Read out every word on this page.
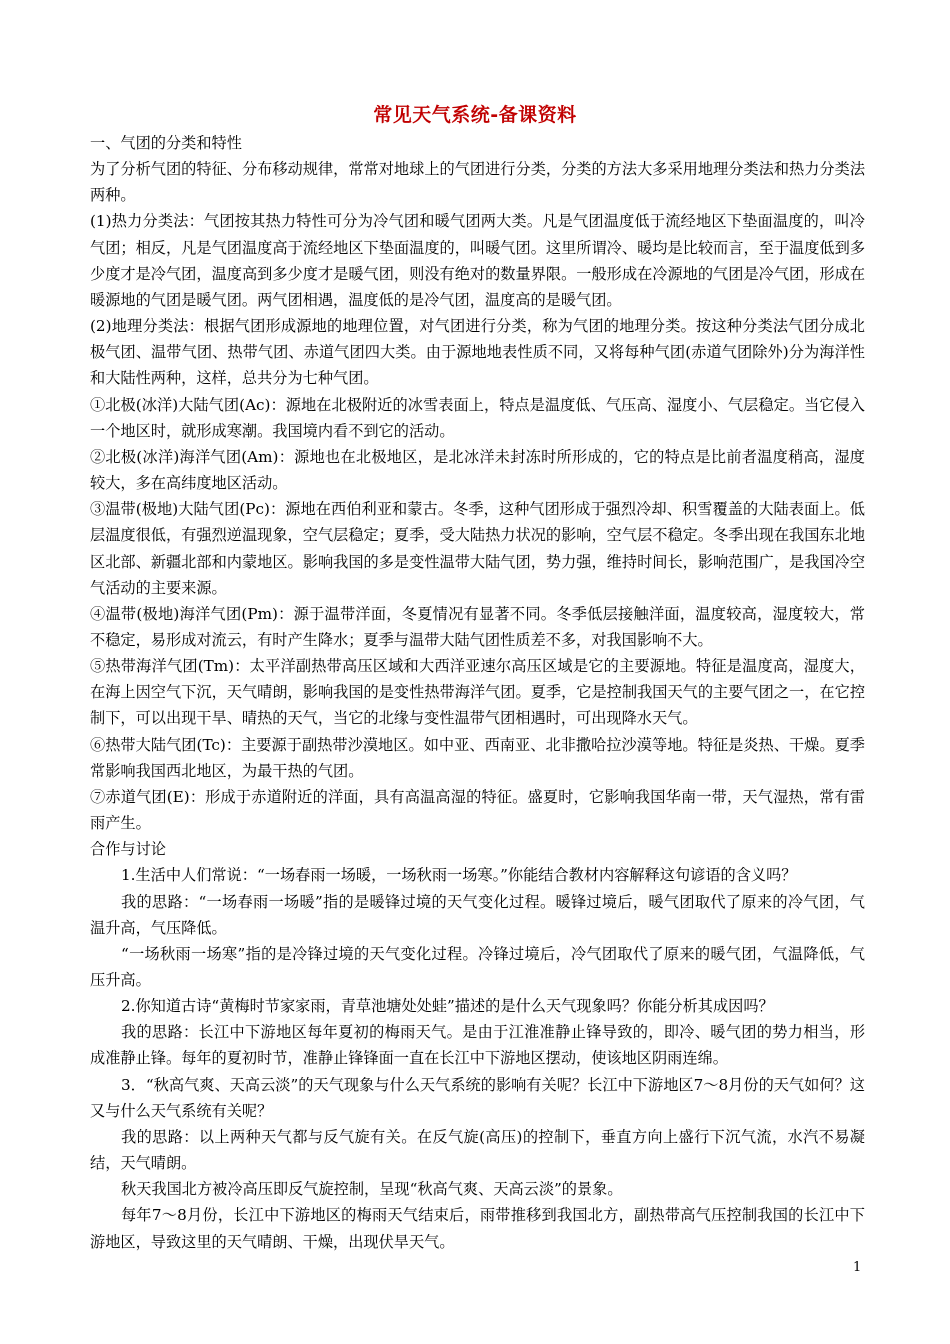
常见天气系统-备课资料

一、气团的分类和特性

为了分析气团的特征、分布移动规律，常常对地球上的气团进行分类，分类的方法大多采用地理分类法和热力分类法两种。

(1)热力分类法：气团按其热力特性可分为冷气团和暖气团两大类。凡是气团温度低于流经地区下垫面温度的，叫冷气团；相反，凡是气团温度高于流经地区下垫面温度的，叫暖气团。这里所谓冷、暖均是比较而言，至于温度低到多少度才是冷气团，温度高到多少度才是暖气团，则没有绝对的数量界限。一般形成在冷源地的气团是冷气团，形成在暖源地的气团是暖气团。两气团相遇，温度低的是冷气团，温度高的是暖气团。

(2)地理分类法：根据气团形成源地的地理位置，对气团进行分类，称为气团的地理分类。按这种分类法气团分成北极气团、温带气团、热带气团、赤道气团四大类。由于源地地表性质不同，又将每种气团(赤道气团除外)分为海洋性和大陆性两种，这样，总共分为七种气团。

①北极(冰洋)大陆气团(Ac)：源地在北极附近的冰雪表面上，特点是温度低、气压高、湿度小、气层稳定。当它侵入一个地区时，就形成寒潮。我国境内看不到它的活动。

②北极(冰洋)海洋气团(Am)：源地也在北极地区，是北冰洋未封冻时所形成的，它的特点是比前者温度稍高，湿度较大，多在高纬度地区活动。

③温带(极地)大陆气团(Pc)：源地在西伯利亚和蒙古。冬季，这种气团形成于强烈冷却、积雪覆盖的大陆表面上。低层温度很低，有强烈逆温现象，空气层稳定；夏季，受大陆热力状况的影响，空气层不稳定。冬季出现在我国东北地区北部、新疆北部和内蒙地区。影响我国的多是变性温带大陆气团，势力强，维持时间长，影响范围广，是我国冷空气活动的主要来源。

④温带(极地)海洋气团(Pm)：源于温带洋面，冬夏情况有显著不同。冬季低层接触洋面，温度较高，湿度较大，常不稳定，易形成对流云，有时产生降水；夏季与温带大陆气团性质差不多，对我国影响不大。

⑤热带海洋气团(Tm)：太平洋副热带高压区域和大西洋亚速尔高压区域是它的主要源地。特征是温度高，湿度大，在海上因空气下沉，天气晴朗，影响我国的是变性热带海洋气团。夏季，它是控制我国天气的主要气团之一，在它控制下，可以出现干旱、晴热的天气，当它的北缘与变性温带气团相遇时，可出现降水天气。

⑥热带大陆气团(Tc)：主要源于副热带沙漠地区。如中亚、西南亚、北非撒哈拉沙漠等地。特征是炎热、干燥。夏季常影响我国西北地区，为最干热的气团。

⑦赤道气团(E)：形成于赤道附近的洋面，具有高温高湿的特征。盛夏时，它影响我国华南一带，天气湿热，常有雷雨产生。

合作与讨论

1.生活中人们常说：“一场春雨一场暖，一场秋雨一场寒。”你能结合教材内容解释这句谚语的含义吗？

我的思路：“一场春雨一场暖”指的是暖锋过境的天气变化过程。暖锋过境后，暖气团取代了原来的冷气团，气温升高，气压降低。

“一场秋雨一场寒”指的是冷锋过境的天气变化过程。冷锋过境后，冷气团取代了原来的暖气团，气温降低，气压升高。

2.你知道古诗“黄梅时节家家雨，青草池塘处处蛙”描述的是什么天气现象吗？你能分析其成因吗？

我的思路：长江中下游地区每年夏初的梅雨天气。是由于江淮准静止锋导致的，即冷、暖气团的势力相当，形成准静止锋。每年的夏初时节，准静止锋锋面一直在长江中下游地区摆动，使该地区阴雨连绵。

3．“秋高气爽、天高云淡”的天气现象与什么天气系统的影响有关呢？长江中下游地区7～8月份的天气如何？这又与什么天气系统有关呢？

我的思路：以上两种天气都与反气旋有关。在反气旋(高压)的控制下，垂直方向上盛行下沉气流，水汽不易凝结，天气晴朗。

秋天我国北方被冷高压即反气旋控制，呈现“秋高气爽、天高云淡”的景象。

每年7～8月份，长江中下游地区的梅雨天气结束后，雨带推移到我国北方，副热带高气压控制我国的长江中下游地区，导致这里的天气晴朗、干燥，出现伏旱天气。

1
